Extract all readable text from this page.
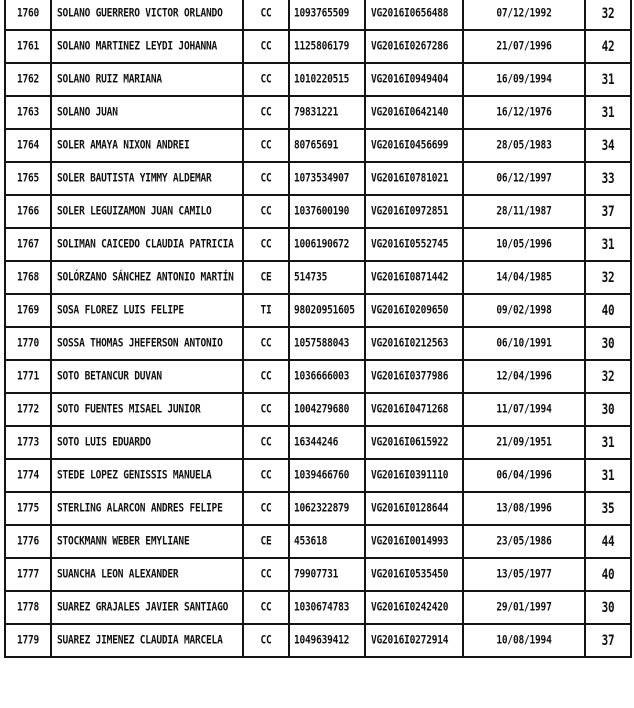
1760	SOLANO GUERRERO VICTOR ORLANDO	CC	1093765509	VG2016I0656488	07/12/1992	32
1761	SOLANO MARTINEZ LEYDI JOHANNA	CC	1125806179	VG2016I0267286	21/07/1996	42
1762	SOLANO RUIZ MARIANA	CC	1010220515	VG2016I0949404	16/09/1994	31
1763	SOLANO JUAN	CC	79831221	VG2016I0642140	16/12/1976	31
1764	SOLER AMAYA NIXON ANDREI	CC	80765691	VG2016I0456699	28/05/1983	34
1765	SOLER BAUTISTA YIMMY ALDEMAR	CC	1073534907	VG2016I0781021	06/12/1997	33
1766	SOLER LEGUIZAMON JUAN CAMILO	CC	1037600190	VG2016I0972851	28/11/1987	37
1767	SOLIMAN CAICEDO CLAUDIA PATRICIA	CC	1006190672	VG2016I0552745	10/05/1996	31
1768	SOLÓRZANO SÁNCHEZ ANTONIO MARTÍN	CE	514735	VG2016I0871442	14/04/1985	32
1769	SOSA FLOREZ LUIS FELIPE	TI	98020951605	VG2016I0209650	09/02/1998	40
1770	SOSSA THOMAS JHEFERSON ANTONIO	CC	1057588043	VG2016I0212563	06/10/1991	30
1771	SOTO BETANCUR DUVAN	CC	1036666003	VG2016I0377986	12/04/1996	32
1772	SOTO FUENTES MISAEL JUNIOR	CC	1004279680	VG2016I0471268	11/07/1994	30
1773	SOTO LUIS EDUARDO	CC	16344246	VG2016I0615922	21/09/1951	31
1774	STEDE LOPEZ GENISSIS MANUELA	CC	1039466760	VG2016I0391110	06/04/1996	31
1775	STERLING ALARCON ANDRES FELIPE	CC	1062322879	VG2016I0128644	13/08/1996	35
1776	STOCKMANN WEBER EMYLIANE	CE	453618	VG2016I0014993	23/05/1986	44
1777	SUANCHA LEON ALEXANDER	CC	79907731	VG2016I0535450	13/05/1977	40
1778	SUAREZ GRAJALES JAVIER SANTIAGO	CC	1030674783	VG2016I0242420	29/01/1997	30
1779	SUAREZ JIMENEZ CLAUDIA MARCELA	CC	1049639412	VG2016I0272914	10/08/1994	37
